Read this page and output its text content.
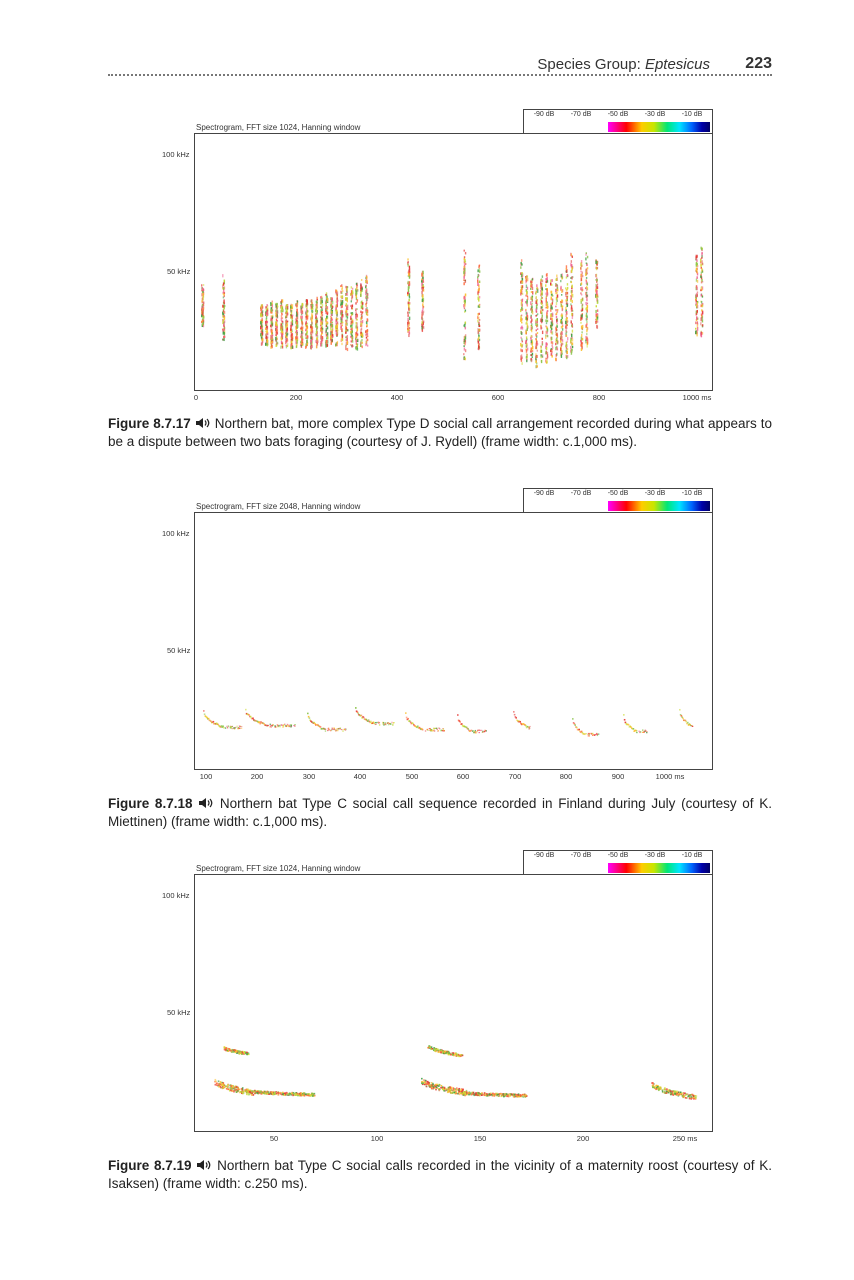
Species Group: Eptesicus 223
-90 dB -70 dB -50 dB -30 dB -10 dB
Spectrogram, FFT size 1024, Hanning window
100 kHz
50 kHz
0	200	400	600	800	1000 ms
Figure 8.7.17 Northern bat, more complex Type D social call arrangement recorded during what appears to be a dispute between two bats foraging (courtesy of J. Rydell) (frame width: c.1,000 ms).
-90 dB -70 dB -50 dB -30 dB -10 dB
Spectrogram, FFT size 2048, Hanning window
100 kHz
50 kHz
100	200	300	400	500	600	700	800	900	1000 ms
Figure 8.7.18 Northern bat Type C social call sequence recorded in Finland during July (courtesy of K. Miettinen) (frame width: c.1,000 ms).
-90 dB -70 dB -50 dB -30 dB -10 dB
Spectrogram, FFT size 1024, Hanning window
100 kHz
50 kHz
50	100	150	200	250 ms
Figure 8.7.19 Northern bat Type C social calls recorded in the vicinity of a maternity roost (courtesy of K. Isaksen) (frame width: c.250 ms).
